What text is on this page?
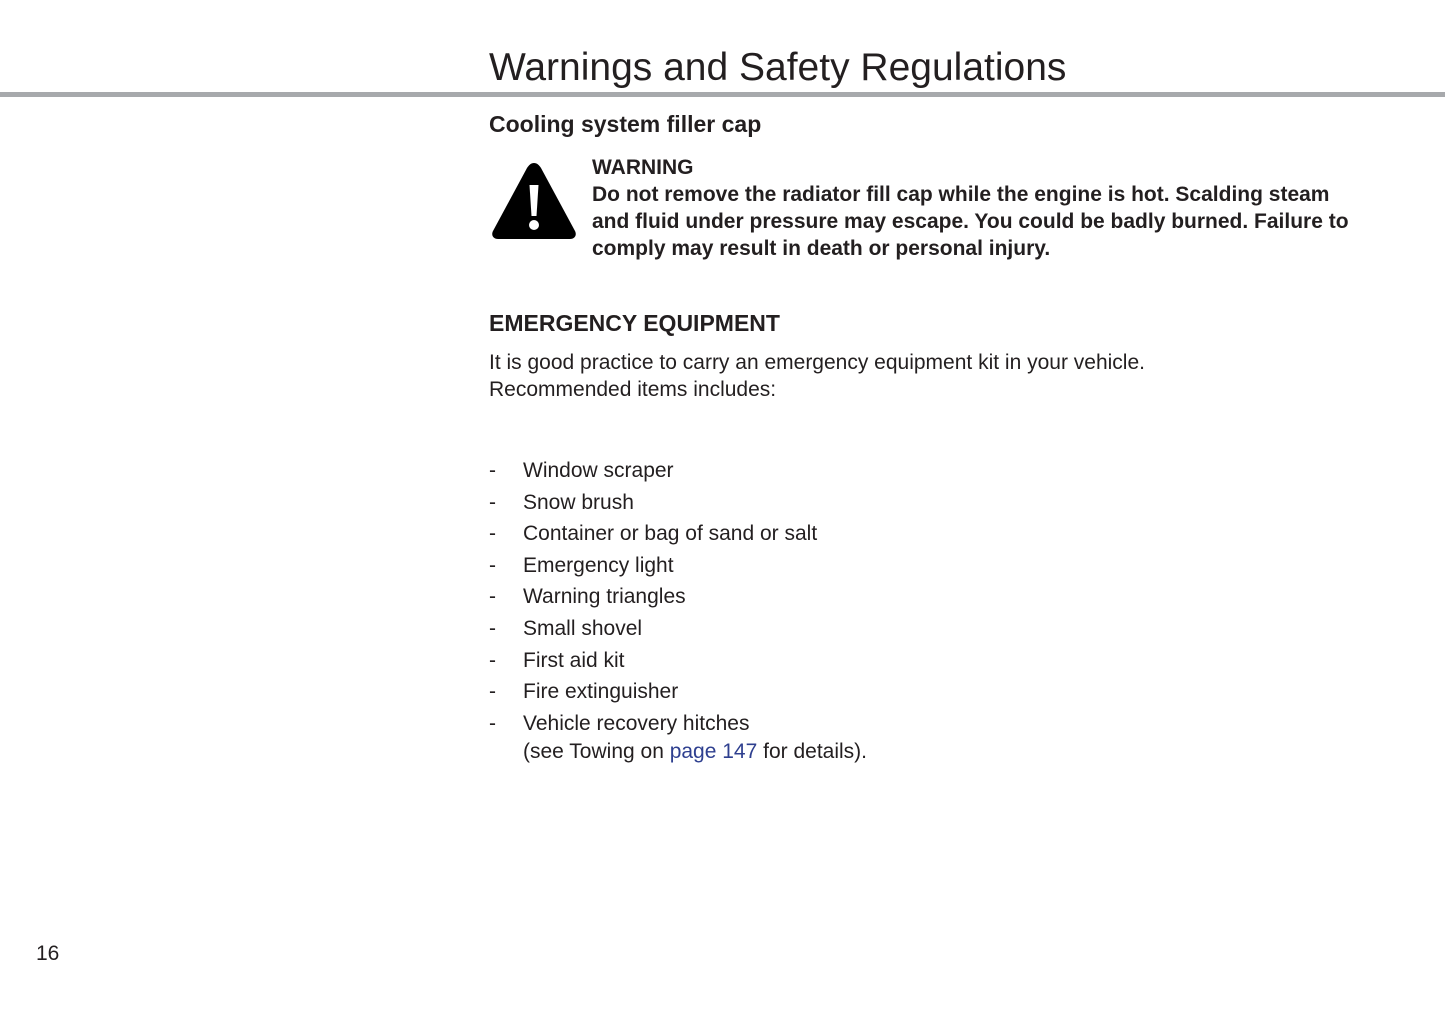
Warnings and Safety Regulations
Cooling system filler cap
WARNING
Do not remove the radiator fill cap while the engine is hot. Scalding steam and fluid under pressure may escape. You could be badly burned. Failure to comply may result in death or personal injury.
EMERGENCY EQUIPMENT
It is good practice to carry an emergency equipment kit in your vehicle.
Recommended items includes:
- Window scraper
- Snow brush
- Container or bag of sand or salt
- Emergency light
- Warning triangles
- Small shovel
- First aid kit
- Fire extinguisher
- Vehicle recovery hitches
(see Towing on page 147 for details).
16
